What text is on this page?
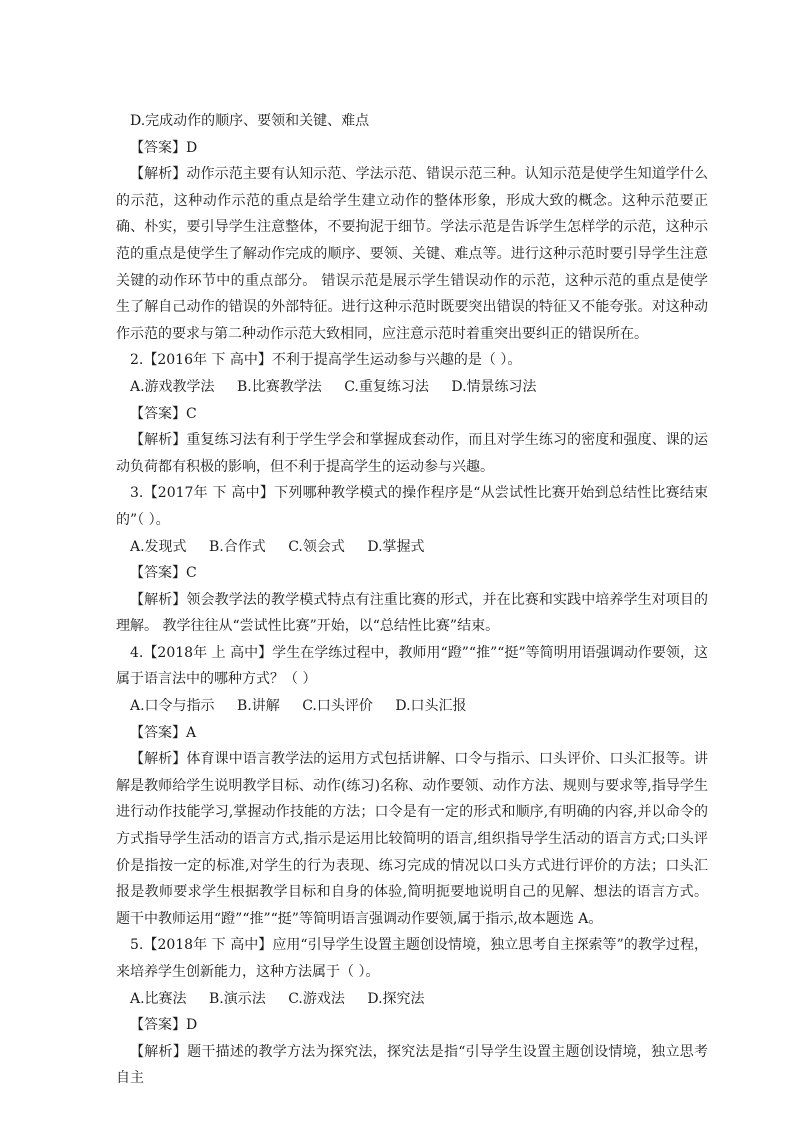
D.完成动作的顺序、要领和关键、难点

【答案】D

【解析】动作示范主要有认知示范、学法示范、错误示范三种。认知示范是使学生知道学什么的示范，这种动作示范的重点是给学生建立动作的整体形象，形成大致的概念。这种示范要正确、朴实，要引导学生注意整体，不要拘泥于细节。学法示范是告诉学生怎样学的示范，这种示范的重点是使学生了解动作完成的顺序、要领、关键、难点等。进行这种示范时要引导学生注意关键的动作环节中的重点部分。 错误示范是展示学生错误动作的示范，这种示范的重点是使学生了解自己动作的错误的外部特征。进行这种示范时既要突出错误的特征又不能夸张。对这种动作示范的要求与第二种动作示范大致相同，应注意示范时着重突出要纠正的错误所在。

2.【2016年 下 高中】不利于提高学生运动参与兴趣的是（ ）。

A.游戏教学法 B.比赛教学法 C.重复练习法 D.情景练习法

【答案】C

【解析】重复练习法有利于学生学会和掌握成套动作，而且对学生练习的密度和强度、课的运动负荷都有积极的影响，但不利于提高学生的运动参与兴趣。

3.【2017年 下 高中】下列哪种教学模式的操作程序是“从尝试性比赛开始到总结性比赛结束的”（ ）。

A.发现式 B.合作式 C.领会式 D.掌握式

【答案】C

【解析】领会教学法的教学模式特点有注重比赛的形式，并在比赛和实践中培养学生对项目的理解。 教学往往从“尝试性比赛”开始，以“总结性比赛”结束。

4.【2018年 上 高中】学生在学练过程中，教师用“蹬”“推”“挺”等简明用语强调动作要领，这属于语言法中的哪种方式？（ ）

A.口令与指示 B.讲解 C.口头评价 D.口头汇报

【答案】A

【解析】体育课中语言教学法的运用方式包括讲解、口令与指示、口头评价、口头汇报等。讲解是教师给学生说明教学目标、动作(练习)名称、动作要领、动作方法、规则与要求等,指导学生进行动作技能学习,掌握动作技能的方法；口令是有一定的形式和顺序,有明确的内容,并以命令的方式指导学生活动的语言方式,指示是运用比较简明的语言,组织指导学生活动的语言方式;口头评价是指按一定的标准,对学生的行为表现、练习完成的情况以口头方式进行评价的方法；口头汇报是教师要求学生根据教学目标和自身的体验,简明扼要地说明自己的见解、想法的语言方式。题干中教师运用“蹬”“推”“挺”等简明语言强调动作要领,属于指示,故本题选 A。

5.【2018年 下 高中】应用“引导学生设置主题创设情境，独立思考自主探索等”的教学过程，来培养学生创新能力，这种方法属于（ ）。

A.比赛法 B.演示法 C.游戏法 D.探究法

【答案】D

【解析】题干描述的教学方法为探究法，探究法是指“引导学生设置主题创设情境，独立思考自主
